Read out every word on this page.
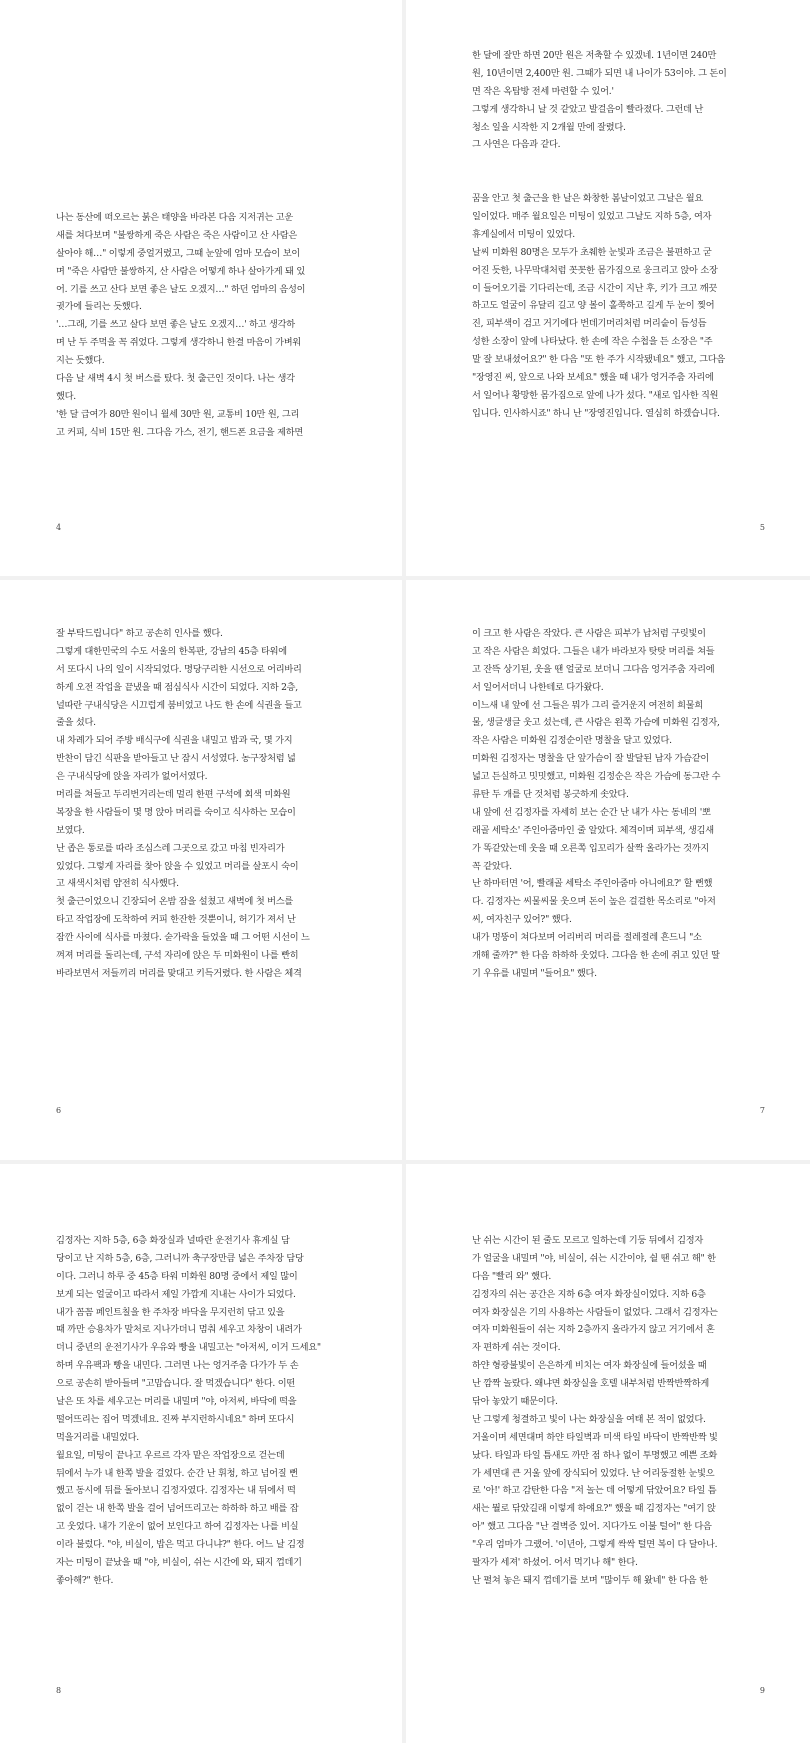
나는 동산에 떠오르는 붉은 태양을 바라본 다음 지저귀는 고운
새를 쳐다보며 "불쌍하게 죽은 사람은 죽은 사람이고 산 사람은
살아야 해…" 이렇게 중얼거렸고, 그때 눈앞에 엄마 모습이 보이
며 "죽은 사람만 불쌍하지, 산 사람은 어떻게 하나 살아가게 돼 있
어. 기를 쓰고 산다 보면 좋은 날도 오겠지…" 하던 엄마의 음성이
귓가에 들리는 듯했다.
'…그래, 기를 쓰고 살다 보면 좋은 날도 오겠지…' 하고 생각하
며 난 두 주먹을 꼭 쥐었다. 그렇게 생각하니 한결 마음이 가벼워
지는 듯했다.
다음 날 새벽 4시 첫 버스를 탔다. 첫 출근인 것이다. 나는 생각
했다.
'한 달 급여가 80만 원이니 월세 30만 원, 교통비 10만 원, 그리
고 커피, 식비 15만 원. 그다음 가스, 전기, 핸드폰 요금을 제하면
4
한 달에 잘만 하면 20만 원은 저축할 수 있겠네. 1년이면 240만
원, 10년이면 2,400만 원. 그때가 되면 내 나이가 53이야. 그 돈이
면 작은 옥탑방 전세 마련할 수 있어.'
그렇게 생각하니 날 것 같았고 발걸음이 빨라졌다. 그런데 난
청소 일을 시작한 지 2개월 만에 잘렸다.
그 사연은 다음과 같다.
꿈을 안고 첫 출근을 한 날은 화창한 봄날이었고 그날은 월요
일이었다. 매주 월요일은 미팅이 있었고 그날도 지하 5층, 여자
휴게실에서 미팅이 있었다.
날씨 미화원 80명은 모두가 초췌한 눈빛과 조금은 불편하고 굳
어진 듯한, 나무막대처럼 꼿꼿한 몸가짐으로 웅크리고 앉아 소장
이 들어오기를 기다리는데, 조금 시간이 지난 후, 키가 크고 깨끗
하고도 얼굴이 유달리 길고 양 볼이 홀쭉하고 길게 두 눈이 찢어
진, 피부색이 검고 거기에다 번데기머리처럼 머리숱이 듬성듬
성한 소장이 앞에 나타났다. 한 손에 작은 수첩을 든 소장은 "주
말 잘 보내셨어요?" 한 다음 "또 한 주가 시작됐네요" 했고, 그다음
"장영진 씨, 앞으로 나와 보세요" 했을 때 내가 엉거주춤 자리에
서 일어나 황망한 몸가짐으로 앞에 나가 섰다. "새로 입사한 직원
입니다. 인사하시죠" 하니 난 "장영진입니다. 열심히 하겠습니다.
5
잘 부탁드립니다" 하고 공손히 인사를 했다.
그렇게 대한민국의 수도 서울의 한복판, 강남의 45층 타워에
서 또다시 나의 일이 시작되었다. 명당구리한 시선으로 어리바리
하게 오전 작업을 끝냈을 때 점심식사 시간이 되었다. 지하 2층,
널따란 구내식당은 시끄럽게 붐비었고 나도 한 손에 식권을 들고
줄을 섰다.
내 차례가 되어 주방 배식구에 식권을 내밀고 밥과 국, 몇 가지
반찬이 담긴 식판을 받아들고 난 잠시 서성였다. 농구장처럼 넓
은 구내식당에 앉을 자리가 없어서였다.
머리를 쳐들고 두리번거리는데 멀리 한편 구석에 회색 미화원
복장을 한 사람들이 몇 명 앉아 머리를 숙이고 식사하는 모습이
보였다.
난 좁은 통로를 따라 조심스레 그곳으로 갔고 마침 빈자리가
있었다. 그렇게 자리를 찾아 앉을 수 있었고 머리를 살포시 숙이
고 새색시처럼 얌전히 식사했다.
첫 출근이었으니 긴장되어 온밤 잠을 설쳤고 새벽에 첫 버스를
타고 작업장에 도착하여 커피 한잔한 것뿐이니, 허기가 져서 난
잠깐 사이에 식사를 마쳤다. 숟가락을 들었을 때 그 어떤 시선이 느
껴져 머리를 돌리는데, 구석 자리에 앉은 두 미화원이 나를 빤히
바라보면서 저들끼리 머리를 맞대고 키득거렸다. 한 사람은 체격
6
이 크고 한 사람은 작았다. 큰 사람은 피부가 납처럼 구릿빛이
고 작은 사람은 희었다. 그들은 내가 바라보자 탓탓 머리를 쳐들
고 잔뜩 상기된, 웃을 땐 얼굴로 보더니 그다음 엉거주춤 자리에
서 일어서더니 나한테로 다가왔다.
이느새 내 앞에 선 그들은 뭐가 그리 즐거운지 여전히 희물희
물, 생글생글 웃고 섰는데, 큰 사람은 왼쪽 가슴에 미화원 김정자,
작은 사람은 미화원 김정순이란 명찰을 달고 있었다.
미화원 김정자는 명찰을 단 앞가슴이 잘 발달된 남자 가슴같이
넓고 든실하고 밋밋했고, 미화원 김정순은 작은 가슴에 동그란 수
류탄 두 개를 단 것처럼 봉긋하게 솟았다.
내 앞에 선 김정자를 자세히 보는 순간 난 내가 사는 동네의 '뽀
래골 세탁소' 주인아줌마인 줄 알았다. 체격이며 피부색, 생김새
가 똑같았는데 웃을 때 오른쪽 입꼬리가 살짝 올라가는 것까지
꼭 같았다.
난 하마터면 '어, 빨래골 세탁소 주인아줌마 아니에요?' 할 뻔했
다. 김정자는 씨물씨물 웃으며 돈이 높은 걸걸한 목소리로 "아저
씨, 여자친구 있어?" 했다.
내가 멍뚱이 쳐다보며 어리버리 머리를 절레절레 흔드니 "소
개해 줄까?" 한 다음 하하하 웃었다. 그다음 한 손에 쥐고 있던 딸
기 우유를 내밀며 "들어요" 했다.
7
김정자는 지하 5층, 6층 화장실과 널따란 운전기사 휴게실 담
당이고 난 지하 5층, 6층, 그러니까 축구장만큼 넓은 주차장 담당
이다. 그러니 하루 중 45층 타워 미화원 80명 중에서 제일 많이
보게 되는 얼굴이고 따라서 제일 가깝게 지내는 사이가 되었다.
내가 꼼꼼 페인트칠을 한 주차장 바닥을 무지런히 닦고 있을
때 까만 승용차가 말처로 지나가더니 멈춰 세우고 차창이 내려가
더니 중년의 운전기사가 우유와 빵을 내밀고는 "아저씨, 이거 드세요"
하며 우유팩과 빵을 내민다. 그러면 나는 엉거주춤 다가가 두 손
으로 공손히 받아들며 "고맙습니다. 잘 먹겠습니다" 한다. 이떤
날은 또 차를 세우고는 머리를 내밀며 "야, 아저씨, 바닥에 떡을
떨어뜨리는 집어 먹겠네요. 진짜 부지런하시네요" 하며 또다시
먹을거리를 내밀었다.
월요일, 미팅이 끝나고 우르르 각자 맡은 작업장으로 걷는데
뒤에서 누가 내 한쪽 발을 걸었다. 순간 난 휘청, 하고 넘어질 뻔
했고 동시에 뒤를 돌아보니 김정자였다. 김정자는 내 뒤에서 떡
없이 걷는 내 한쪽 발을 걸어 넘어뜨리고는 하하하 하고 배를 잡
고 웃었다. 내가 기운이 없어 보인다고 하여 김정자는 나를 비실
이라 불렀다. "야, 비실이, 밥은 먹고 다니냐?" 한다. 어느 날 김정
자는 미팅이 끝났을 때 "야, 비실이, 쉬는 시간에 와, 돼지 껍데기
좋아해?" 한다.
8
난 쉬는 시간이 된 줄도 모르고 일하는데 기둥 뒤에서 김정자
가 얼굴을 내밀며 "야, 비실이, 쉬는 시간이야, 쉴 땐 쉬고 해" 한
다음 "빨리 와" 했다.
김정자의 쉬는 공간은 지하 6층 여자 화장실이었다. 지하 6층
여자 화장실은 기의 사용하는 사람들이 없었다. 그래서 김정자는
여자 미화원들이 쉬는 지하 2층까지 올라가지 않고 거기에서 혼
자 편하게 쉬는 것이다.
하얀 형광불빛이 은은하게 비치는 여자 화장실에 들어섰을 때
난 깜짝 놀랐다. 왜냐면 화장실을 호텔 내부처럼 반짝반짝하게
닦아 놓았기 때문이다.
난 그렇게 청결하고 빛이 나는 화장실을 여태 본 적이 없었다.
거울이며 세면대며 하얀 타일벽과 미색 타일 바닥이 반짝반짝 빛
났다. 타일과 타일 틈새도 까만 점 하나 없이 투명했고 예쁜 조화
가 세면대 큰 거울 앞에 장식되어 있었다. 난 어리둥절한 눈빛으
로 '아!' 하고 감탄한 다음 "저 놀는 데 어떻게 닦았어요? 타일 틈
새는 뭘로 닦았길래 이렇게 하얘요?" 했을 때 김정자는 "여기 앉
아" 했고 그다음 "난 결벽증 있어. 지다가도 이불 털어" 한 다음
"우리 엄마가 그랬어. '이년아, 그렇게 싹싹 털면 복이 다 달아나.
팔자가 세져' 하셨어. 어서 먹기나 해" 한다.
난 펼쳐 놓은 돼지 껍데기를 보며 "많이두 해 왔네" 한 다음 한
9
